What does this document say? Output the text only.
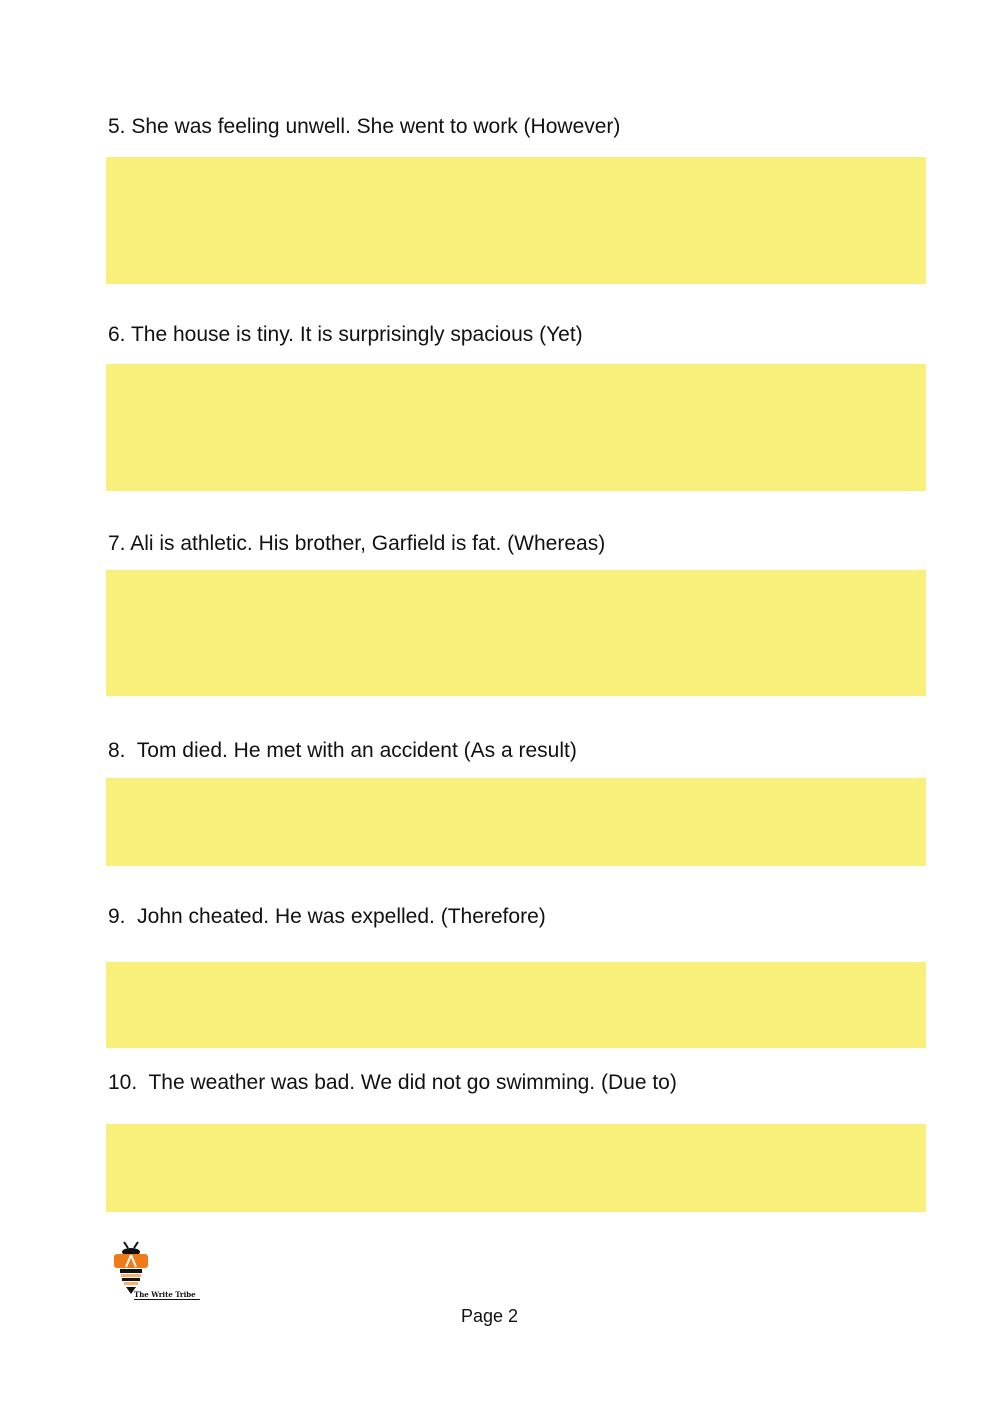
5. She was feeling unwell. She went to work (However)
6. The house is tiny. It is surprisingly spacious (Yet)
7. Ali is athletic. His brother, Garfield is fat. (Whereas)
8.  Tom died. He met with an accident (As a result)
9.  John cheated. He was expelled. (Therefore)
10.  The weather was bad. We did not go swimming. (Due to)
The Write Tribe
Page 2
